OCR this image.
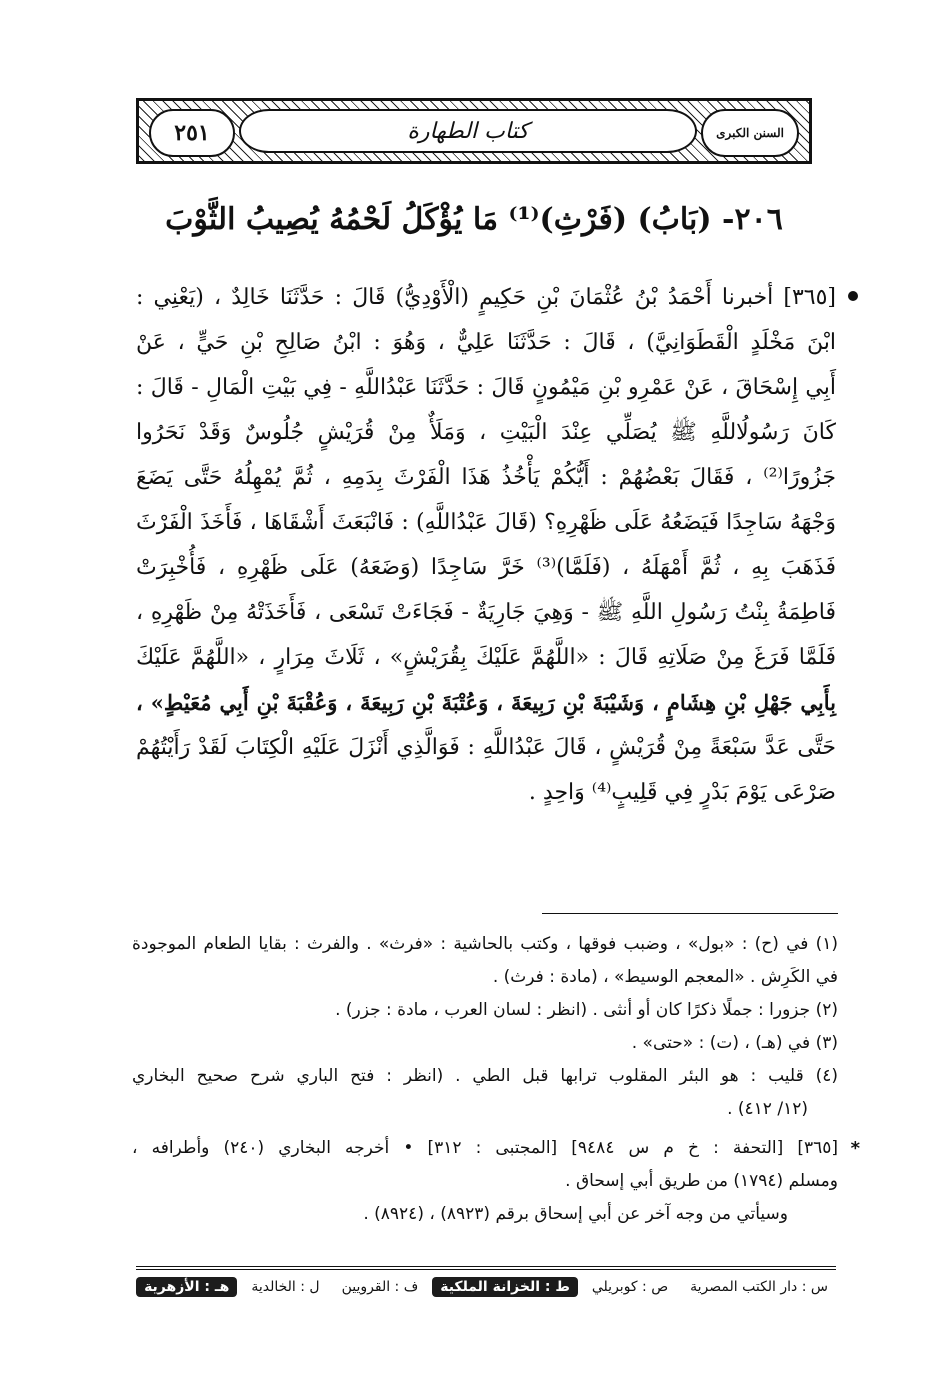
السنن الكبرى
كتاب الطهارة
٢٥١
٢٠٦- (بَابُ) (فَرْثِ)⁽¹⁾ مَا يُؤْكَلُ لَحْمُهُ يُصِيبُ الثَّوْبَ
[٣٦٥] أخبرنا أَحْمَدُ بْنُ عُثْمَانَ بْنِ حَكِيمٍ (الْأَوْدِيُّ) قَالَ : حَدَّثَنَا خَالِدٌ ، (يَعْنِي :
ابْنَ مَخْلَدٍ الْقَطَوَانِيَّ) ، قَالَ : حَدَّثَنَا عَلِيٌّ ، وَهُوَ : ابْنُ صَالِحِ بْنِ حَيٍّ ، عَنْ
أَبِي إِسْحَاقَ ، عَنْ عَمْرِو بْنِ مَيْمُونٍ قَالَ : حَدَّثَنَا عَبْدُاللَّهِ - فِي بَيْتِ الْمَالِ - قَالَ :
كَانَ رَسُولُاللَّهِ ﷺ يُصَلِّي عِنْدَ الْبَيْتِ ، وَمَلَأٌ مِنْ قُرَيْشٍ جُلُوسٌ وَقَدْ نَحَرُوا
جَزُورًا⁽²⁾ ، فَقَالَ بَعْضُهُمْ : أَيُّكُمْ يَأْخُذُ هَذَا الْفَرْثَ بِدَمِهِ ، ثُمَّ يُمْهِلُهُ حَتَّى يَضَعَ
وَجْهَهُ سَاجِدًا فَيَضَعُهُ عَلَى ظَهْرِهِ؟ (قَالَ عَبْدُاللَّهِ) : فَانْبَعَثَ أَشْقَاهَا ، فَأَخَذَ الْفَرْثَ
فَذَهَبَ بِهِ ، ثُمَّ أَمْهَلَهُ ، (فَلَمَّا)⁽³⁾ خَرَّ سَاجِدًا (وَضَعَهُ) عَلَى ظَهْرِهِ ، فَأُخْبِرَتْ
فَاطِمَةُ بِنْتُ رَسُولِ اللَّهِ ﷺ - وَهِيَ جَارِيَةٌ - فَجَاءَتْ تَسْعَى ، فَأَخَذَتْهُ مِنْ ظَهْرِهِ ،
فَلَمَّا فَرَغَ مِنْ صَلَاتِهِ قَالَ : «اللَّهُمَّ عَلَيْكَ بِقُرَيْشٍ» ، ثَلَاثَ مِرَارٍ ، «اللَّهُمَّ عَلَيْكَ
بِأَبِي جَهْلِ بْنِ هِشَامٍ ، وَشَيْبَةَ بْنِ رَبِيعَةَ ، وَعُتْبَةَ بْنِ رَبِيعَةَ ، وَعُقْبَةَ بْنِ أَبِي مُعَيْطٍ» ،
حَتَّى عَدَّ سَبْعَةً مِنْ قُرَيْشٍ ، قَالَ عَبْدُاللَّهِ : فَوَالَّذِي أَنْزَلَ عَلَيْهِ الْكِتَابَ لَقَدْ رَأَيْتُهُمْ
صَرْعَى يَوْمَ بَدْرٍ فِي قَلِيبٍ⁽⁴⁾ وَاحِدٍ .
(١) في (ح) : «بول» ، وضبب فوقها ، وكتب بالحاشية : «فرث» . والفرث : بقايا الطعام الموجودة
في الكَرِش . «المعجم الوسيط» ، (مادة : فرث) .
(٢) جزورا : جملًا ذكرًا كان أو أنثى . (انظر : لسان العرب ، مادة : جزر) .
(٣) في (هـ) ، (ت) : «حتى» .
(٤) قليب : هو البئر المقلوب ترابها قبل الطي . (انظر : فتح الباري شرح صحيح البخاري
(١٢/ ٤١٢) .
*
[٣٦٥] [التحفة : خ م س ٩٤٨٤] [المجتبى : ٣١٢] • أخرجه البخاري (٢٤٠) وأطرافه ،
ومسلم (١٧٩٤) من طريق أبي إسحاق .
وسيأتي من وجه آخر عن أبي إسحاق برقم (٨٩٢٣) ، (٨٩٢٤) .
س : دار الكتب المصرية
ص : كوبريلي
ط : الخزانة الملكية
ف : القرويين
ل : الخالدية
هـ : الأزهرية
